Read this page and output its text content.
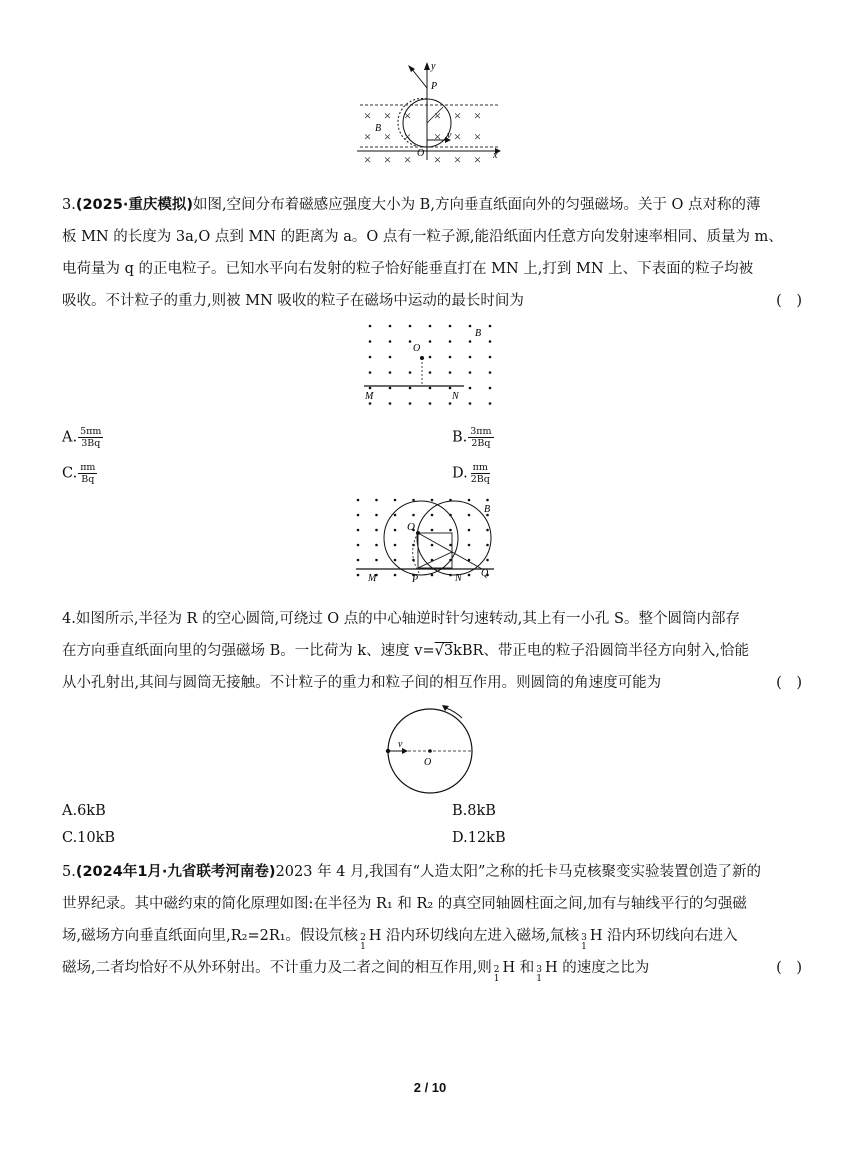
× × × × × ×
× × × × × ×
× × × × × ×
y
P
B
O
v
x
3.(2025·重庆模拟)如图,空间分布着磁感应强度大小为 B,方向垂直纸面向外的匀强磁场。关于 O 点对称的薄
板 MN 的长度为 3a,O 点到 MN 的距离为 a。O 点有一粒子源,能沿纸面内任意方向发射速率相同、质量为 m、
电荷量为 q 的正电粒子。已知水平向右发射的粒子恰好能垂直打在 MN 上,打到 MN 上、下表面的粒子均被
吸收。不计粒子的重力,则被 MN 吸收的粒子在磁场中运动的最长时间为	(　)
O
B
M	N
A. $\frac{5\pi m}{3Bq}$	B. $\frac{3\pi m}{2Bq}$
C. $\frac{\pi m}{Bq}$	D. $\frac{\pi m}{2Bq}$
O
B
M	P	N Q
4.如图所示,半径为 R 的空心圆筒,可绕过 O 点的中心轴逆时针匀速转动,其上有一小孔 S。整个圆筒内部存
在方向垂直纸面向里的匀强磁场 B。一比荷为 k、速度 v=√3kBR、带正电的粒子沿圆筒半径方向射入,恰能
从小孔射出,其间与圆筒无接触。不计粒子的重力和粒子间的相互作用。则圆筒的角速度可能为	(　)
v
O
A.6kB	B.8kB
C.10kB	D.12kB
5.(2024年1月·九省联考河南卷)2023 年 4 月,我国有“人造太阳”之称的托卡马克核聚变实验装置创造了新的
世界纪录。其中磁约束的简化原理如图:在半径为 R₁ 和 R₂ 的真空同轴圆柱面之间,加有与轴线平行的匀强磁
场,磁场方向垂直纸面向里,R₂=2R₁。假设氘核 2
1
H 沿内环切线向左进入磁场,氚核 3
1
H 沿内环切线向右进入
磁场,二者均恰好不从外环射出。不计重力及二者之间的相互作用,则 2
1
H 和 3
1
H 的速度之比为	(　)
2 / 10
